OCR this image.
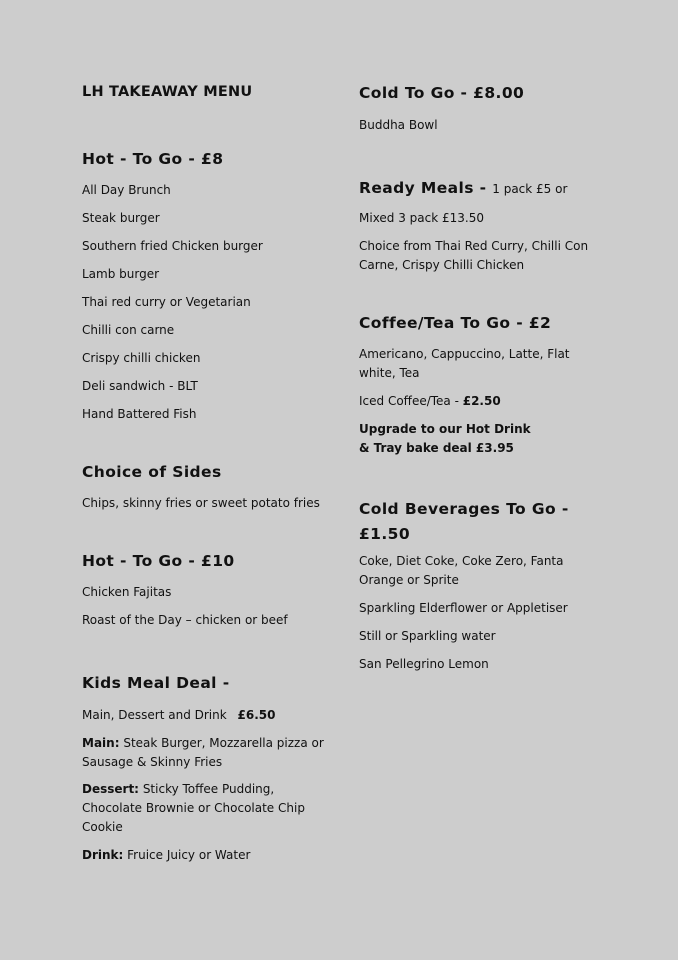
LH TAKEAWAY MENU
Hot - To Go - £8
All Day Brunch
Steak burger
Southern fried Chicken burger
Lamb burger
Thai red curry or Vegetarian
Chilli con carne
Crispy chilli chicken
Deli sandwich - BLT
Hand Battered Fish
Choice of Sides
Chips, skinny fries or sweet potato fries
Hot - To Go - £10
Chicken Fajitas
Roast of the Day – chicken or beef
Kids Meal Deal -
Main, Dessert and Drink £6.50
Main: Steak Burger, Mozzarella pizza or Sausage & Skinny Fries
Dessert: Sticky Toffee Pudding, Chocolate Brownie or Chocolate Chip Cookie
Drink: Fruice Juicy or Water
Cold To Go - £8.00
Buddha Bowl
Ready Meals - 1 pack £5 or
Mixed 3 pack £13.50
Choice from Thai Red Curry, Chilli Con Carne, Crispy Chilli Chicken
Coffee/Tea To Go - £2
Americano, Cappuccino, Latte, Flat white, Tea
Iced Coffee/Tea - £2.50
Upgrade to our Hot Drink & Tray bake deal £3.95
Cold Beverages To Go -
£1.50
Coke, Diet Coke, Coke Zero, Fanta Orange or Sprite
Sparkling Elderflower or Appletiser
Still or Sparkling water
San Pellegrino Lemon
